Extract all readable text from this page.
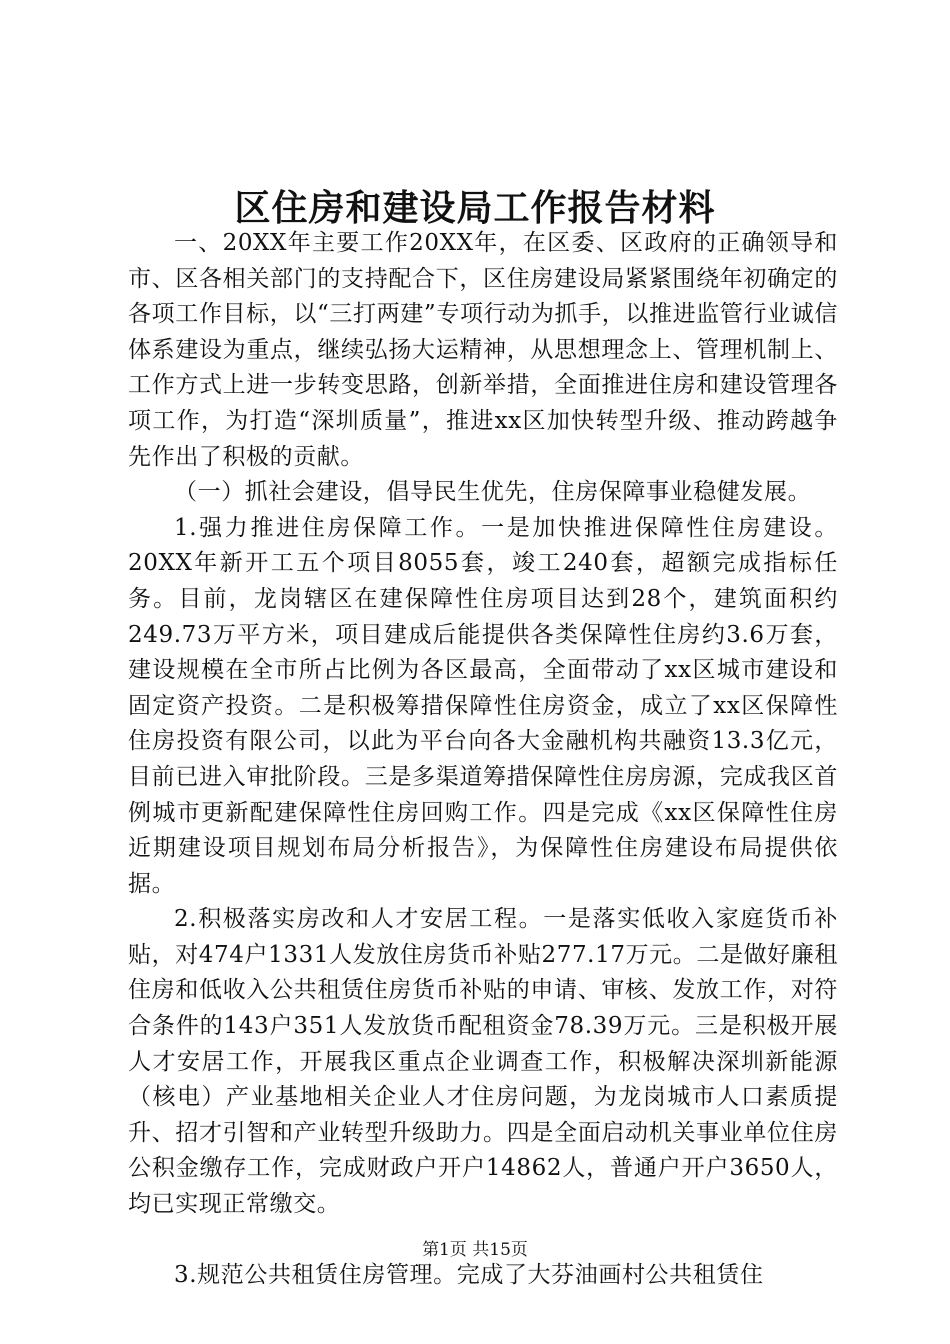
区住房和建设局工作报告材料

一、20XX年主要工作20XX年，在区委、区政府的正确领导和市、区各相关部门的支持配合下，区住房建设局紧紧围绕年初确定的各项工作目标，以“三打两建”专项行动为抓手，以推进监管行业诚信体系建设为重点，继续弘扬大运精神，从思想理念上、管理机制上、工作方式上进一步转变思路，创新举措，全面推进住房和建设管理各项工作，为打造“深圳质量”，推进xx区加快转型升级、推动跨越争先作出了积极的贡献。

（一）抓社会建设，倡导民生优先，住房保障事业稳健发展。

1.强力推进住房保障工作。一是加快推进保障性住房建设。20XX年新开工五个项目8055套，竣工240套，超额完成指标任务。目前，龙岗辖区在建保障性住房项目达到28个，建筑面积约249.73万平方米，项目建成后能提供各类保障性住房约3.6万套，建设规模在全市所占比例为各区最高，全面带动了xx区城市建设和固定资产投资。二是积极筹措保障性住房资金，成立了xx区保障性住房投资有限公司，以此为平台向各大金融机构共融资13.3亿元，目前已进入审批阶段。三是多渠道筹措保障性住房房源，完成我区首例城市更新配建保障性住房回购工作。四是完成《xx区保障性住房近期建设项目规划布局分析报告》，为保障性住房建设布局提供依据。

2.积极落实房改和人才安居工程。一是落实低收入家庭货币补贴，对474户1331人发放住房货币补贴277.17万元。二是做好廉租住房和低收入公共租赁住房货币补贴的申请、审核、发放工作，对符合条件的143户351人发放货币配租资金78.39万元。三是积极开展人才安居工作，开展我区重点企业调查工作，积极解决深圳新能源（核电）产业基地相关企业人才住房问题，为龙岗城市人口素质提升、招才引智和产业转型升级助力。四是全面启动机关事业单位住房公积金缴存工作，完成财政户开户14862人，普通户开户3650人，均已实现正常缴交。

3.规范公共租赁住房管理。完成了大芬油画村公共租赁住

第1页 共15页
